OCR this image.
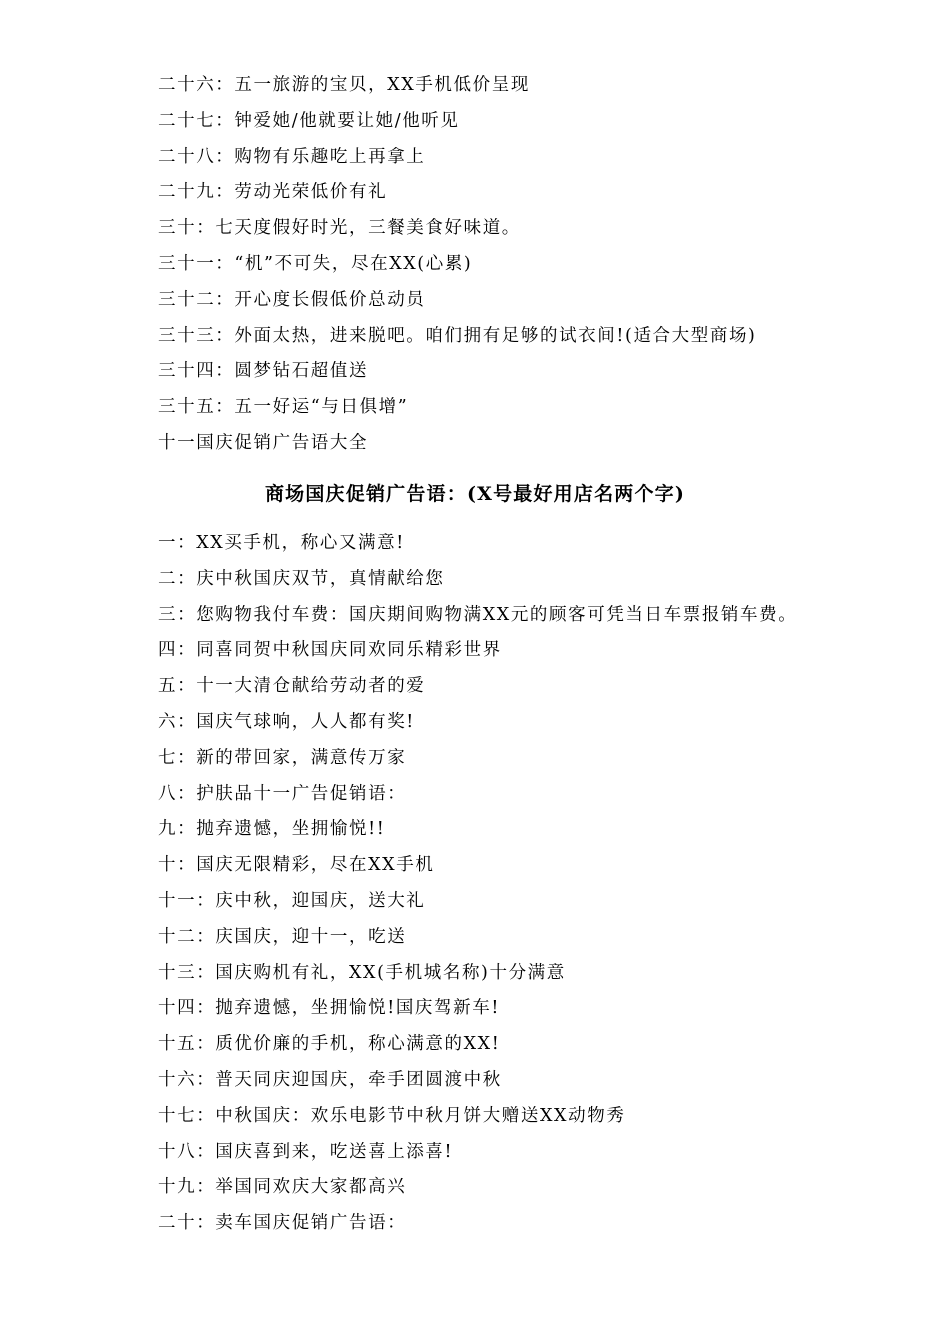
二十六：五一旅游的宝贝，XX手机低价呈现
二十七：钟爱她/他就要让她/他听见
二十八：购物有乐趣吃上再拿上
二十九：劳动光荣低价有礼
三十：七天度假好时光，三餐美食好味道。
三十一：“机”不可失，尽在XX(心累)
三十二：开心度长假低价总动员
三十三：外面太热，进来脱吧。咱们拥有足够的试衣间!(适合大型商场)
三十四：圆梦钻石超值送
三十五：五一好运“与日俱增”
十一国庆促销广告语大全
商场国庆促销广告语：(X号最好用店名两个字)
一：XX买手机，称心又满意!
二：庆中秋国庆双节，真情献给您
三：您购物我付车费：国庆期间购物满XX元的顾客可凭当日车票报销车费。
四：同喜同贺中秋国庆同欢同乐精彩世界
五：十一大清仓献给劳动者的爱
六：国庆气球响，人人都有奖!
七：新的带回家，满意传万家
八：护肤品十一广告促销语：
九：抛弃遗憾，坐拥愉悦!!
十：国庆无限精彩，尽在XX手机
十一：庆中秋，迎国庆，送大礼
十二：庆国庆，迎十一，吃送
十三：国庆购机有礼，XX(手机城名称)十分满意
十四：抛弃遗憾，坐拥愉悦!国庆驾新车!
十五：质优价廉的手机，称心满意的XX!
十六：普天同庆迎国庆，牵手团圆渡中秋
十七：中秋国庆：欢乐电影节中秋月饼大赠送XX动物秀
十八：国庆喜到来，吃送喜上添喜!
十九：举国同欢庆大家都高兴
二十：卖车国庆促销广告语：
